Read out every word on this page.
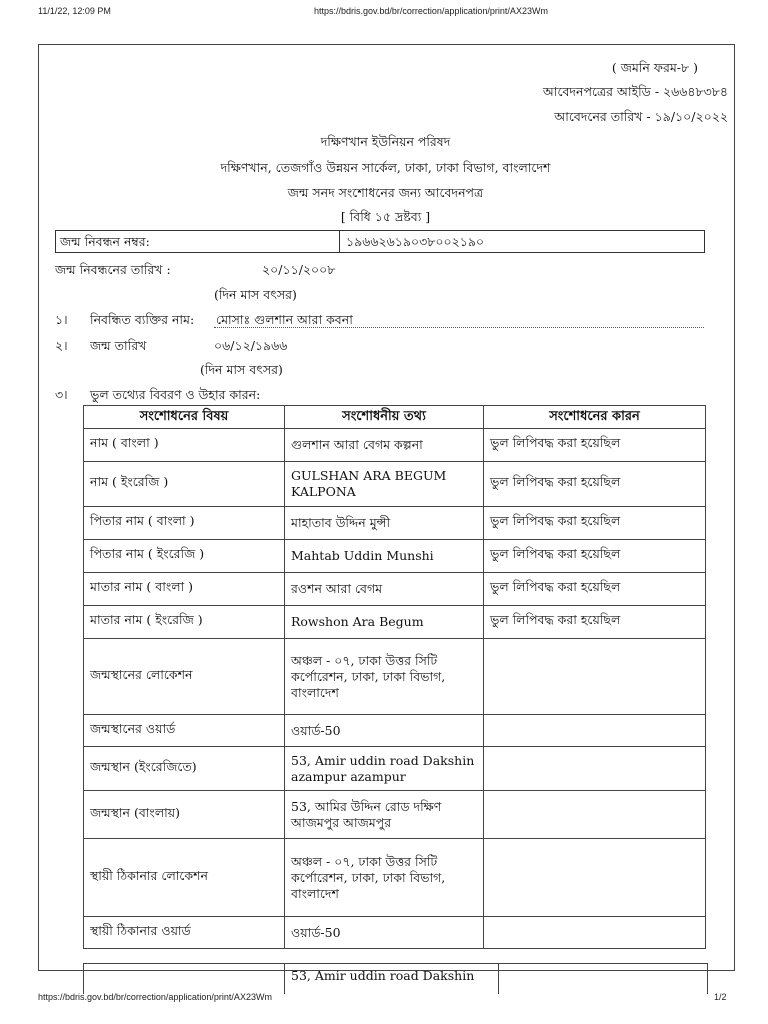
11/1/22, 12:09 PM	https://bdris.gov.bd/br/correction/application/print/AX23Wm
https://bdris.gov.bd/br/correction/application/print/AX23Wm	1/2
( জমনি ফরম-৮ )
আবেদনপত্রের আইডি - ২৬৬৪৮৩৮৪
আবেদনের তারিখ - ১৯/১০/২০২২
দক্ষিণখান ইউনিয়ন পরিষদ
দক্ষিণখান, তেজগাঁও উন্নয়ন সার্কেল, ঢাকা, ঢাকা বিভাগ, বাংলাদেশ
জন্ম সনদ সংশোধনের জন্য আবেদনপত্র
[ বিধি ১৫ দ্রষ্টব্য ]
জন্ম নিবন্ধন নম্বর:	১৯৬৬২৬১৯০৩৮০০২১৯০
জন্ম নিবন্ধনের তারিখ :	২০/১১/২০০৮
(দিন মাস বৎসর)
১। নিবন্ধিত ব্যক্তির নাম: মোসাঃ গুলশান আরা কবনা
২। জন্ম তারিখ	০৬/১২/১৯৬৬
(দিন মাস বৎসর)
৩। ভুল তথ্যের বিবরণ ও উহার কারন:
সংশোধনের বিষয়	সংশোধনীয় তথ্য	সংশোধনের কারন
নাম ( বাংলা )	গুলশান আরা বেগম কল্পনা	ভুল লিপিবদ্ধ করা হয়েছিল
নাম ( ইংরেজি )	GULSHAN ARA BEGUM KALPONA	ভুল লিপিবদ্ধ করা হয়েছিল
পিতার নাম ( বাংলা )	মাহাতাব উদ্দিন মুন্সী	ভুল লিপিবদ্ধ করা হয়েছিল
পিতার নাম ( ইংরেজি )	Mahtab Uddin Munshi	ভুল লিপিবদ্ধ করা হয়েছিল
মাতার নাম ( বাংলা )	রওশন আরা বেগম	ভুল লিপিবদ্ধ করা হয়েছিল
মাতার নাম ( ইংরেজি )	Rowshon Ara Begum	ভুল লিপিবদ্ধ করা হয়েছিল
জন্মস্থানের লোকেশন	অঞ্চল - ০৭, ঢাকা উত্তর সিটি কর্পোরেশন, ঢাকা, ঢাকা বিভাগ, বাংলাদেশ	
জন্মস্থানের ওয়ার্ড	ওয়ার্ড-50	
জন্মস্থান (ইংরেজিতে)	53, Amir uddin road Dakshin azampur azampur	
জন্মস্থান (বাংলায়)	53, আমির উদ্দিন রোড দক্ষিণ আজমপুর আজমপুর	
স্থায়ী ঠিকানার লোকেশন	অঞ্চল - ০৭, ঢাকা উত্তর সিটি কর্পোরেশন, ঢাকা, ঢাকা বিভাগ, বাংলাদেশ	
স্থায়ী ঠিকানার ওয়ার্ড	ওয়ার্ড-50	
53, Amir uddin road Dakshin
